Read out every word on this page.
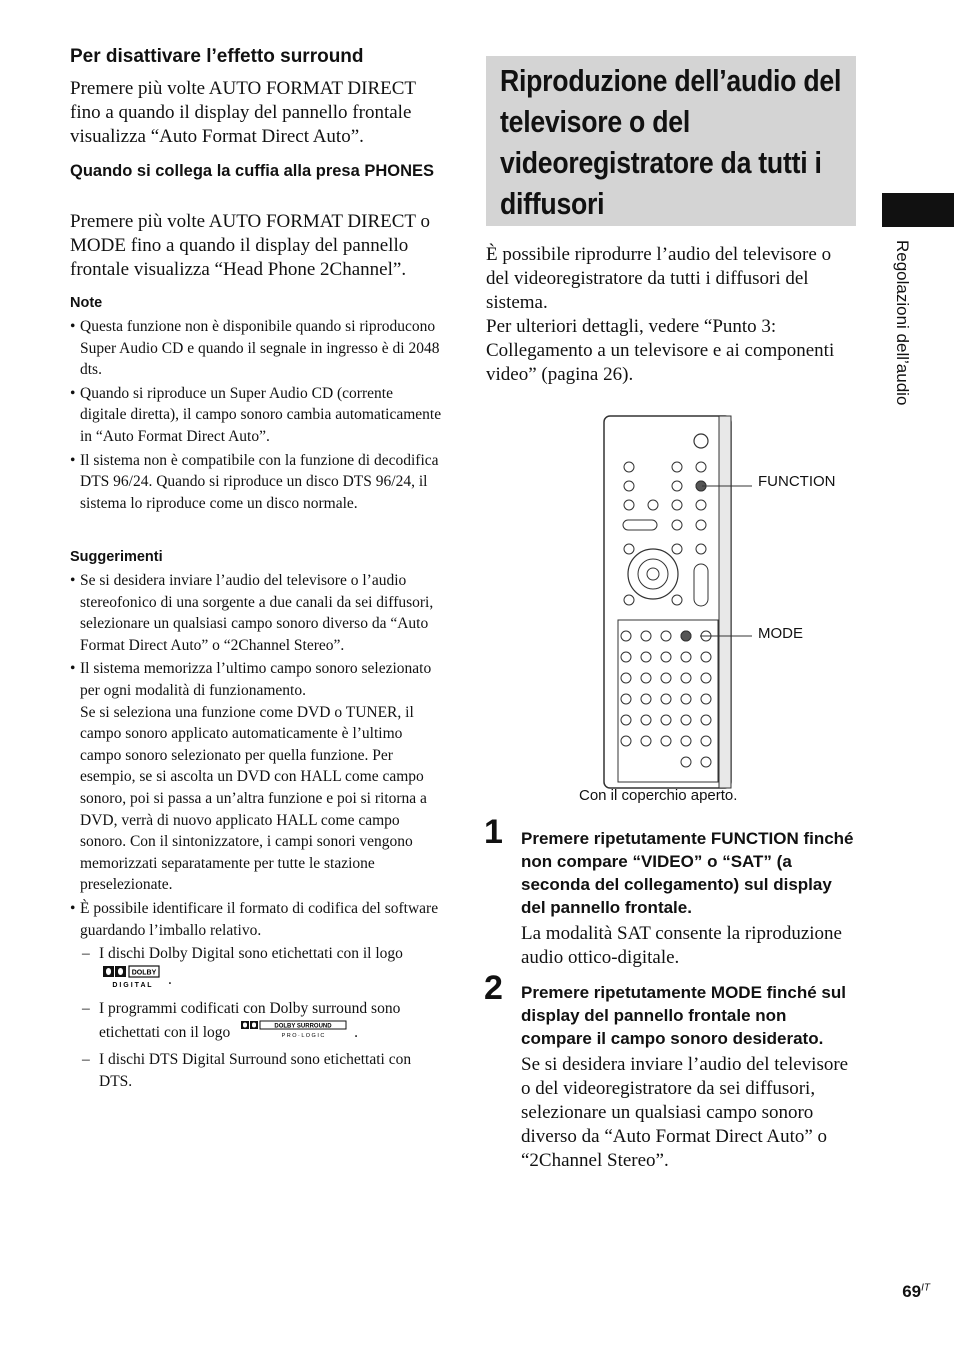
Per disattivare l’effetto surround
Premere più volte AUTO FORMAT DIRECT fino a quando il display del pannello frontale visualizza “Auto Format Direct Auto”.
Quando si collega la cuffia alla presa PHONES
Premere più volte AUTO FORMAT DIRECT o MODE fino a quando il display del pannello frontale visualizza “Head Phone 2Channel”.
Note
• Questa funzione non è disponibile quando si riproducono Super Audio CD e quando il segnale in ingresso è di 2048 dts.
• Quando si riproduce un Super Audio CD (corrente digitale diretta), il campo sonoro cambia automaticamente in “Auto Format Direct Auto”.
• Il sistema non è compatibile con la funzione di decodifica DTS 96/24. Quando si riproduce un disco DTS 96/24, il sistema lo riproduce come un disco normale.
Suggerimenti
• Se si desidera inviare l’audio del televisore o l’audio stereofonico di una sorgente a due canali da sei diffusori, selezionare un qualsiasi campo sonoro diverso da “Auto Format Direct Auto” o “2Channel Stereo”.
• Il sistema memorizza l’ultimo campo sonoro selezionato per ogni modalità di funzionamento.
Se si seleziona una funzione come DVD o TUNER, il campo sonoro applicato automaticamente è l’ultimo campo sonoro selezionato per quella funzione. Per esempio, se si ascolta un DVD con HALL come campo sonoro, poi si passa a un’altra funzione e poi si ritorna a DVD, verrà di nuovo applicato HALL come campo sonoro. Con il sintonizzatore, i campi sonori vengono memorizzati separatamente per tutte le stazione preselezionate.
• È possibile identificare il formato di codifica del software guardando l’imballo relativo.
– I dischi Dolby Digital sono etichettati con il logo

DOLBY
D I G I T A L .
– I programmi codificati con Dolby surround sono etichettati con il logo	DOLBY SURROUND
P R O · L O G I C .
– I dischi DTS Digital Surround sono etichettati con DTS.
Riproduzione dell’audio del televisore o del videoregistratore da tutti i diffusori
Regolazioni dell’audio
È possibile riprodurre l’audio del televisore o del videoregistratore da tutti i diffusori del sistema.
Per ulteriori dettagli, vedere “Punto 3: Collegamento a un televisore e ai componenti video” (pagina 26).
FUNCTION
MODE
Con il coperchio aperto.
1 Premere ripetutamente FUNCTION finché non compare “VIDEO” o “SAT” (a seconda del collegamento) sul display del pannello frontale.
La modalità SAT consente la riproduzione audio ottico-digitale.
2 Premere ripetutamente MODE finché sul display del pannello frontale non compare il campo sonoro desiderato.
Se si desidera inviare l’audio del televisore o del videoregistratore da sei diffusori, selezionare un qualsiasi campo sonoro diverso da “Auto Format Direct Auto” o “2Channel Stereo”.
$69^{IT}$
